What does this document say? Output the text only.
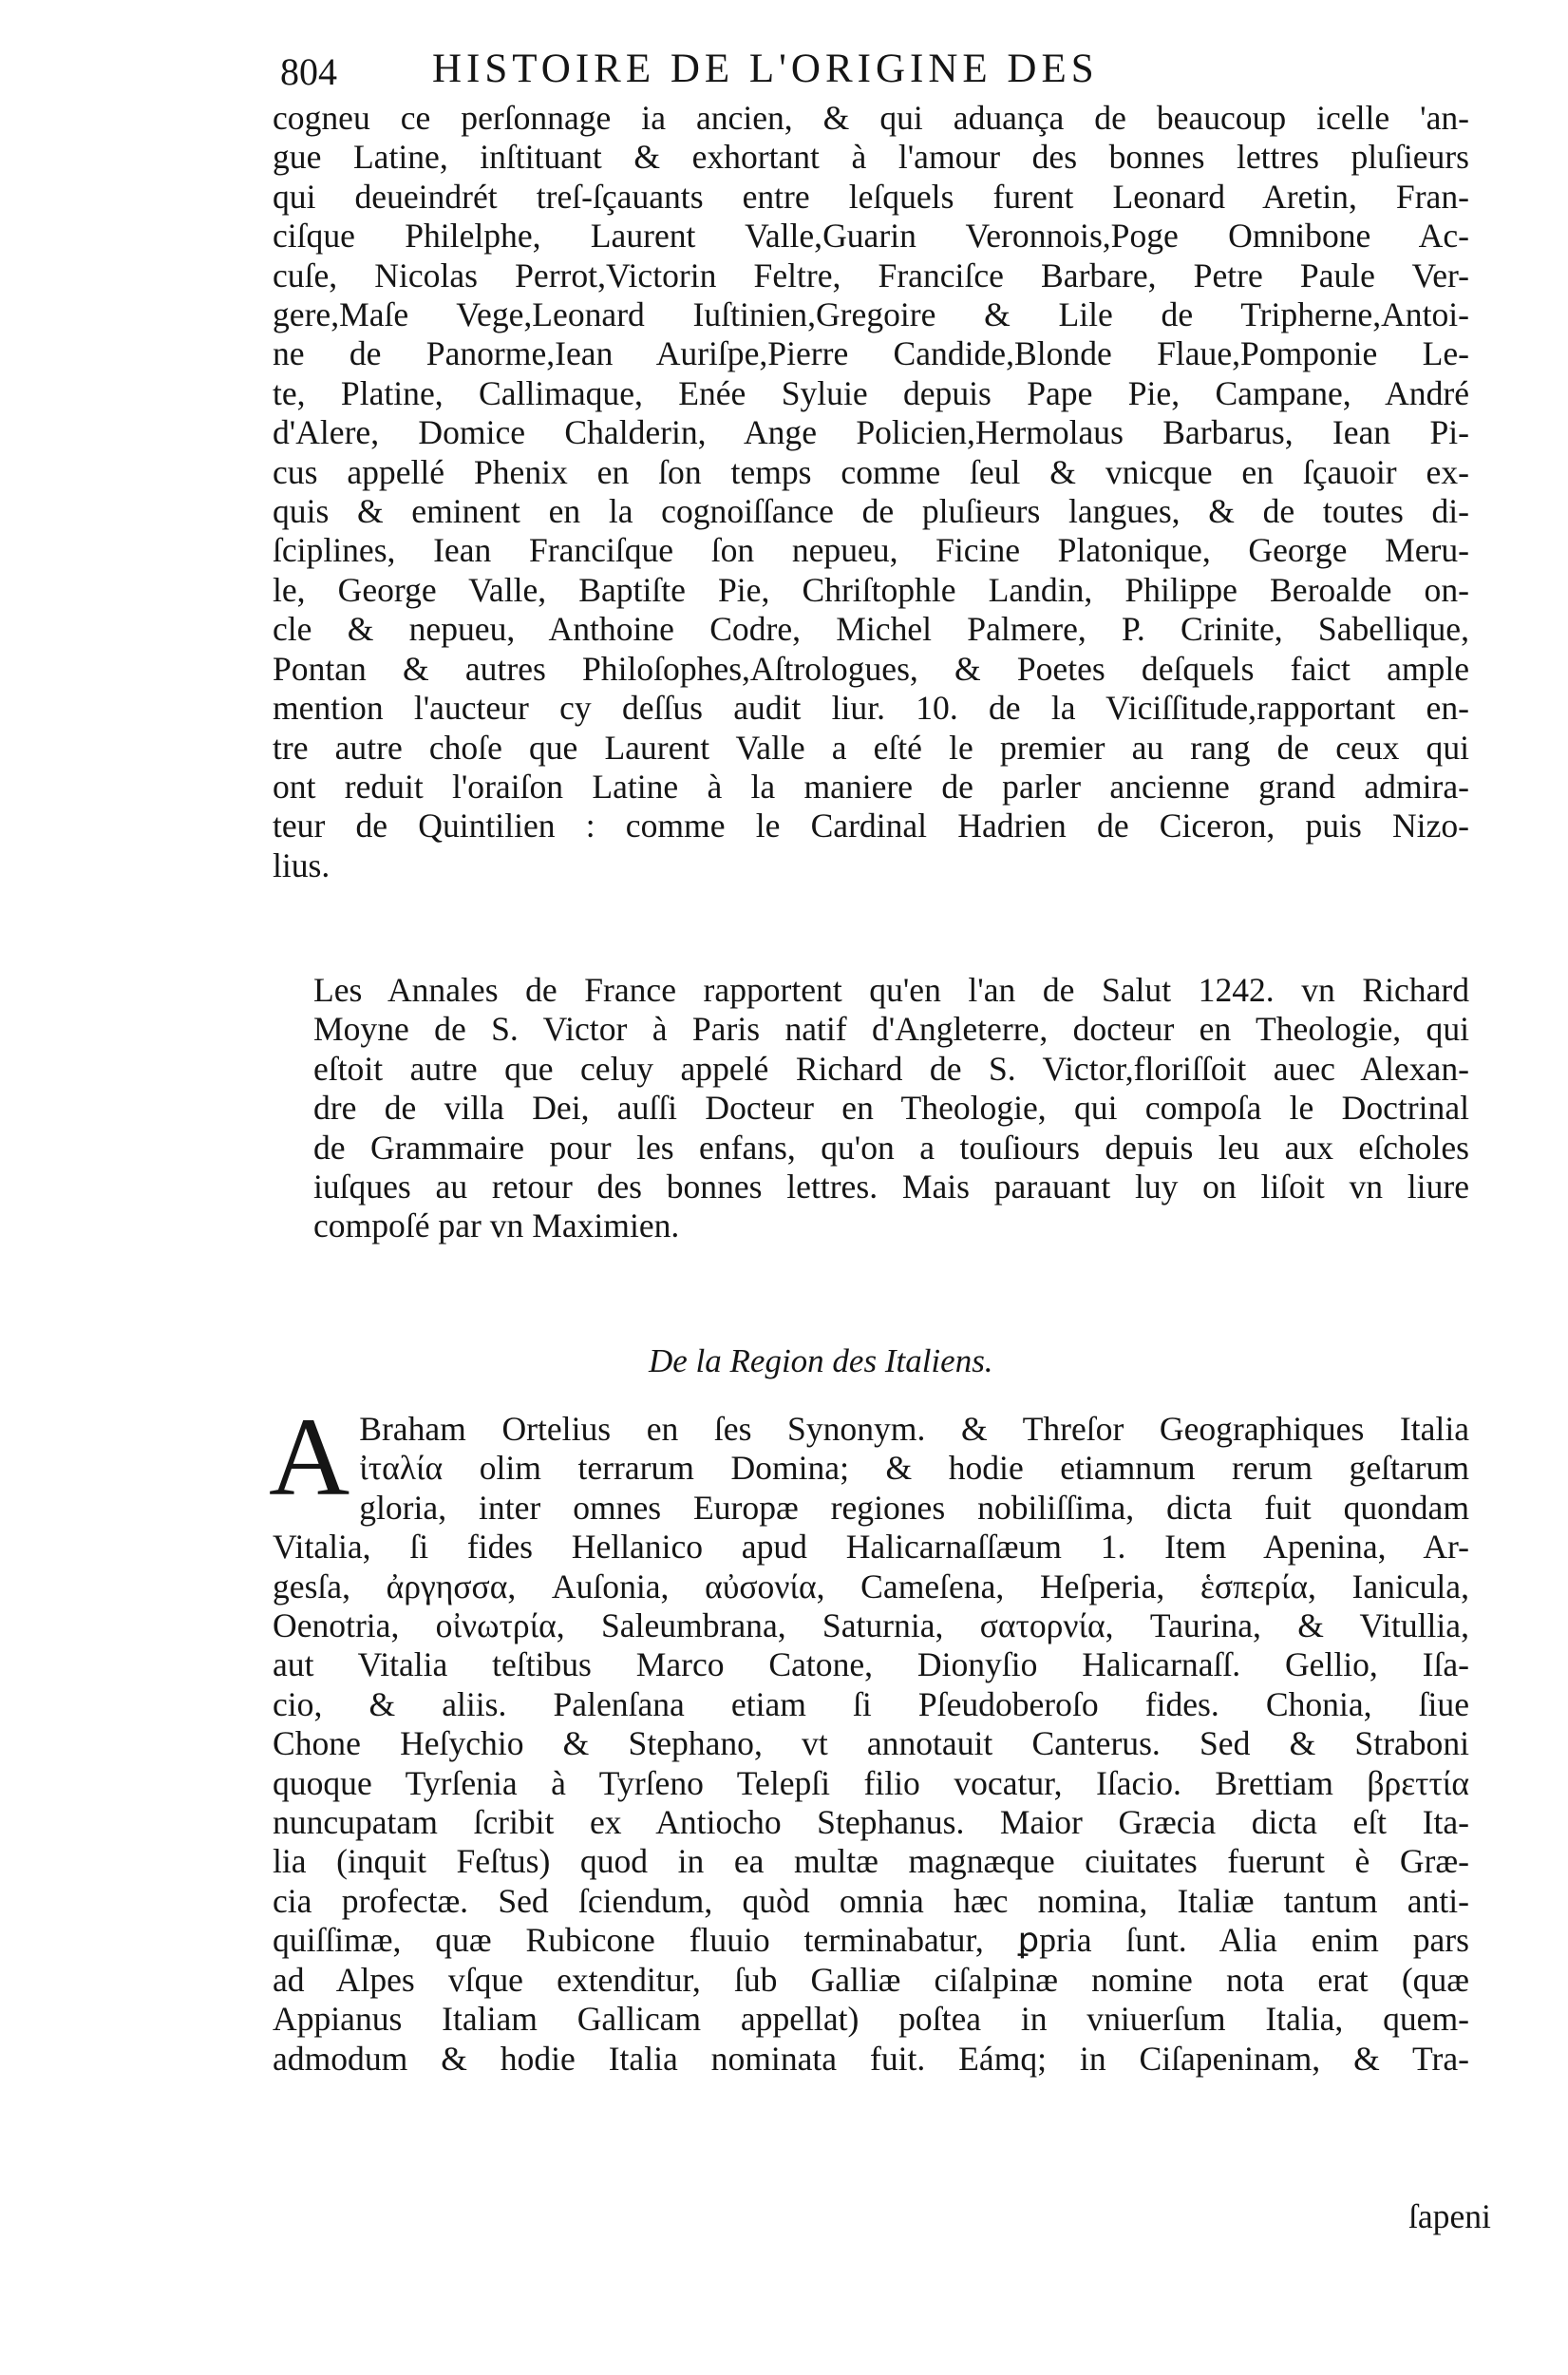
804 HISTOIRE DE L'ORIGINE DES
cogneu ce perſonnage ia ancien, & qui aduança de beaucoup icelle 'an-
gue Latine, inſtituant & exhortant à l'amour des bonnes lettres pluſieurs
qui deueindrét treſ-ſçauants entre leſquels furent Leonard Aretin, Fran-
ciſque Philelphe, Laurent Valle,Guarin Veronnois,Poge Omnibone Ac-
cuſe, Nicolas Perrot,Victorin Feltre, Franciſce Barbare, Petre Paule Ver-
gere,Maſe Vege,Leonard Iuſtinien,Gregoire & Lile de Tripherne,Antoi-
ne de Panorme,Iean Auriſpe,Pierre Candide,Blonde Flaue,Pomponie Le-
te, Platine, Callimaque, Enée Syluie depuis Pape Pie, Campane, André
d'Alere, Domice Chalderin, Ange Policien,Hermolaus Barbarus, Iean Pi-
cus appellé Phenix en ſon temps comme ſeul & vnicque en ſçauoir ex-
quis & eminent en la cognoiſſance de pluſieurs langues, & de toutes di-
ſciplines, Iean Franciſque ſon nepueu, Ficine Platonique, George Meru-
le, George Valle, Baptiſte Pie, Chriſtophle Landin, Philippe Beroalde on-
cle & nepueu, Anthoine Codre, Michel Palmere, P. Crinite, Sabellique,
Pontan & autres Philoſophes,Aſtrologues, & Poetes deſquels faict ample
mention l'aucteur cy deſſus audit liur. 10. de la Viciſſitude,rapportant en-
tre autre choſe que Laurent Valle a eſté le premier au rang de ceux qui
ont reduit l'oraiſon Latine à la maniere de parler ancienne grand admira-
teur de Quintilien : comme le Cardinal Hadrien de Ciceron, puis Nizo-
lius.
Les Annales de France rapportent qu'en l'an de Salut 1242. vn Richard
Moyne de S. Victor à Paris natif d'Angleterre, docteur en Theologie, qui
eſtoit autre que celuy appelé Richard de S. Victor,floriſſoit auec Alexan-
dre de villa Dei, auſſi Docteur en Theologie, qui compoſa le Doctrinal
de Grammaire pour les enfans, qu'on a touſiours depuis leu aux eſcholes
iuſques au retour des bonnes lettres. Mais parauant luy on liſoit vn liure
compoſé par vn Maximien.
De la Region des Italiens.
A Braham Ortelius en ſes Synonym. & Threſor Geographiques Italia
ἰταλία olim terrarum Domina; & hodie etiamnum rerum geſtarum
gloria, inter omnes Europæ regiones nobiliſſima, dicta fuit quondam
Vitalia, ſi fides Hellanico apud Halicarnaſſæum 1. Item Apenina, Ar-
gesſa, ἀργησσα, Auſonia, αὐσονία, Cameſena, Heſperia, ἑσπερία, Ianicula,
Oenotria, οἰνωτρία, Saleumbrana, Saturnia, σατορνία, Taurina, & Vitullia,
aut Vitalia teſtibus Marco Catone, Dionyſio Halicarnaſſ. Gellio, Iſa-
cio, & aliis. Palenſana etiam ſi Pſeudoberoſo fides. Chonia, ſiue
Chone Heſychio & Stephano, vt annotauit Canterus. Sed & Straboni
quoque Tyrſenia à Tyrſeno Telepſi filio vocatur, Iſacio. Brettiam βρεττία
nuncupatam ſcribit ex Antiocho Stephanus. Maior Græcia dicta eſt Ita-
lia (inquit Feſtus) quod in ea multæ magnæque ciuitates fuerunt è Græ-
cia profectæ. Sed ſciendum, quòd omnia hæc nomina, Italiæ tantum anti-
quiſſimæ, quæ Rubicone fluuio terminabatur, ꝑpria ſunt. Alia enim pars
ad Alpes vſque extenditur, ſub Galliæ ciſalpinæ nomine nota erat (quæ
Appianus Italiam Gallicam appellat) poſtea in vniuerſum Italia, quem-
admodum & hodie Italia nominata fuit. Eámq; in Ciſapeninam, & Tra-
ſapeni
